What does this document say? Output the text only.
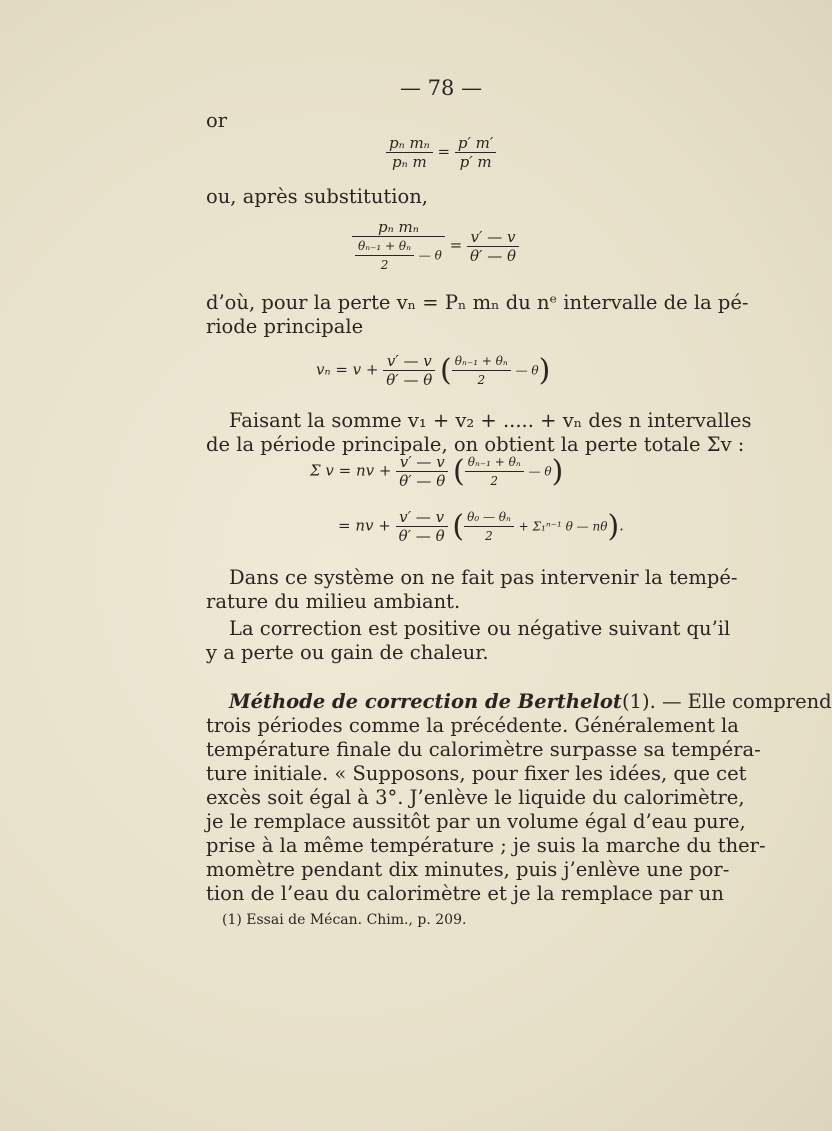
— 78 —
or
$\frac{\text{pₙ mₙ}}{\text{pₙ m}} = \frac{p' m'}{p' m}$
ou, après substitution,
$\frac{\text{pₙ mₙ}}{\frac{\text{θₙ₋₁ + θₙ}}{2} — \theta} = \frac{v' — v}{\theta' — \theta}$
d’où, pour la perte vₙ = Pₙ mₙ du nᵉ intervalle de la pé-
riode principale
$v_n = v + \frac{v' — v}{\theta' — \theta}$ ( $\frac{\text{θₙ₋₁ + θₙ}}{2}$ — θ)
Faisant la somme v₁ + v₂ + ..... + vₙ des n intervalles
de la période principale, on obtient la perte totale Σv :
Σ v = nv + $\frac{v' — v}{\theta' — \theta}$ ( $\frac{\text{θₙ₋₁ + θₙ}}{2}$ — θ)
= nv + $\frac{v' — v}{\theta' — \theta}$ ( $\frac{\text{θ₀ — θₙ}}{2} + \Sigma_1^{n-1}$ θ — nθ).
Dans ce système on ne fait pas intervenir la tempé-
rature du milieu ambiant.
La correction est positive ou négative suivant qu’il
y a perte ou gain de chaleur.
Méthode de correction de Berthelot(1). — Elle comprend
trois périodes comme la précédente. Généralement la
température finale du calorimètre surpasse sa tempéra-
ture initiale. « Supposons, pour fixer les idées, que cet
excès soit égal à 3°. J’enlève le liquide du calorimètre,
je le remplace aussitôt par un volume égal d’eau pure,
prise à la même température ; je suis la marche du ther-
momètre pendant dix minutes, puis j’enlève une por-
tion de l’eau du calorimètre et je la remplace par un
(1) Essai de Mécan. Chim., p. 209.
